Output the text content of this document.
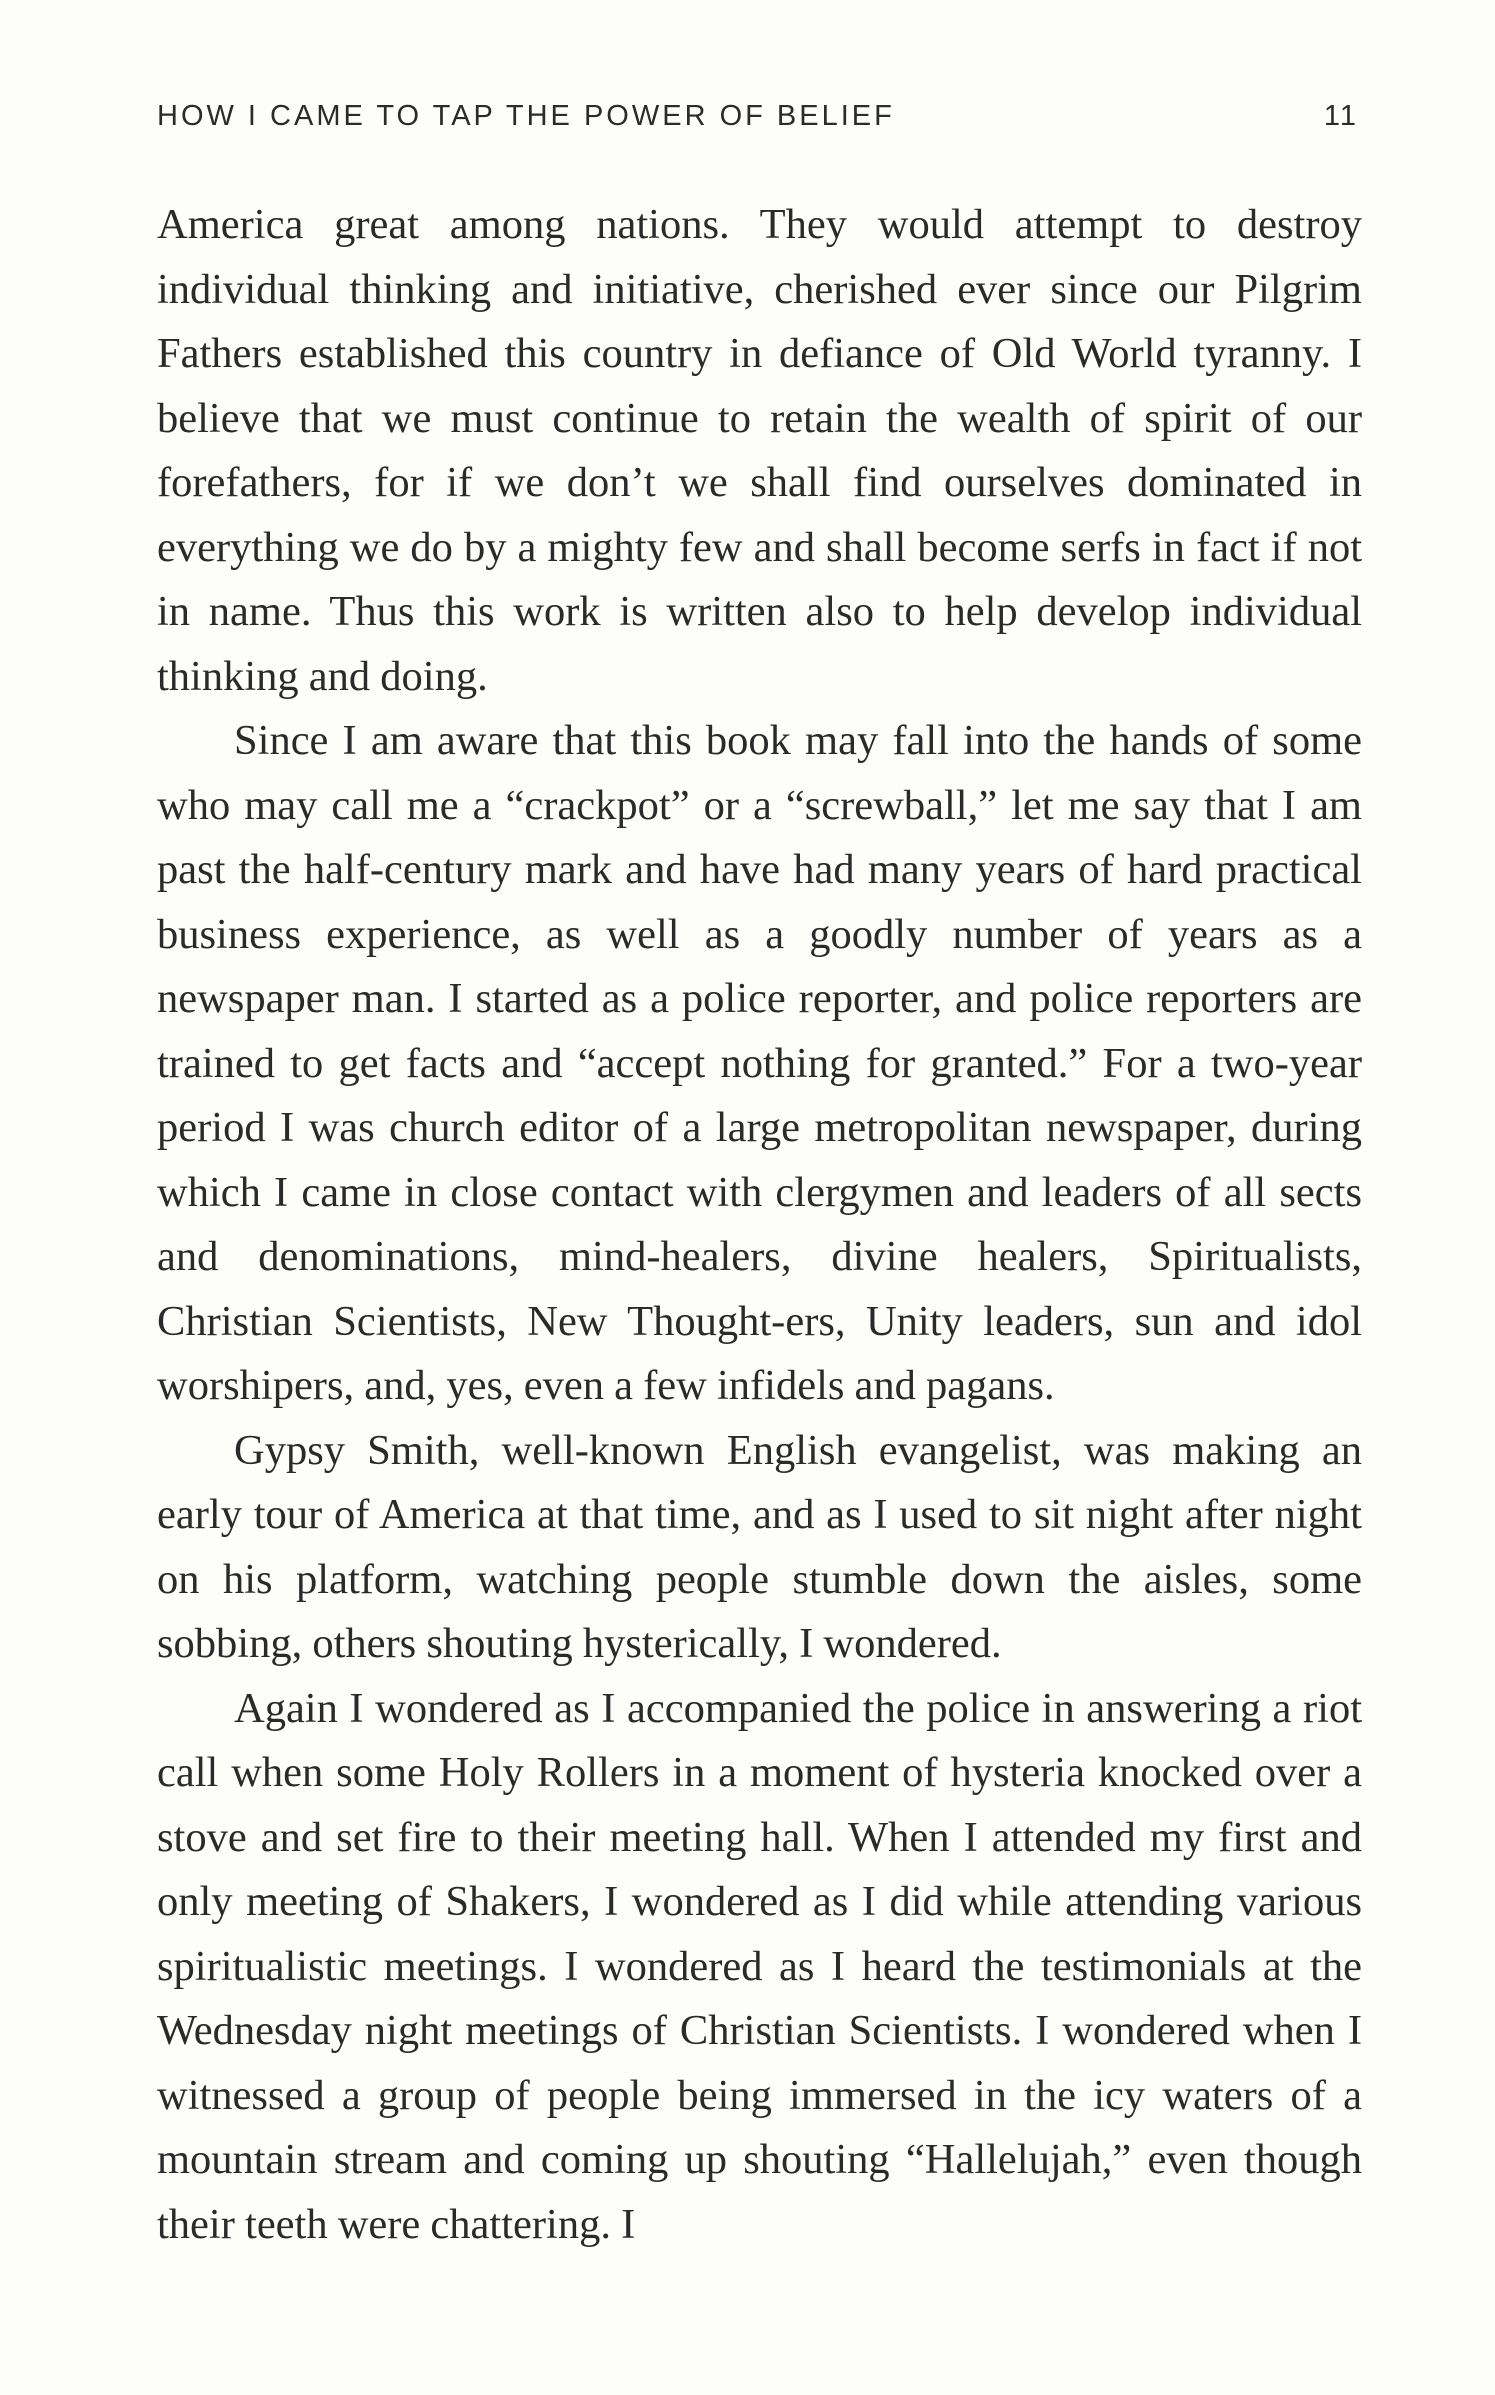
HOW I CAME TO TAP THE POWER OF BELIEF	11

America great among nations. They would attempt to destroy individual thinking and initiative, cherished ever since our Pilgrim Fathers established this country in defiance of Old World tyranny. I believe that we must continue to retain the wealth of spirit of our forefathers, for if we don’t we shall find ourselves dominated in everything we do by a mighty few and shall become serfs in fact if not in name. Thus this work is written also to help develop individual thinking and doing.

Since I am aware that this book may fall into the hands of some who may call me a “crackpot” or a “screwball,” let me say that I am past the half-century mark and have had many years of hard practical business experience, as well as a goodly number of years as a newspaper man. I started as a police reporter, and police reporters are trained to get facts and “accept nothing for granted.” For a two-year period I was church editor of a large metropolitan newspaper, during which I came in close contact with clergymen and leaders of all sects and denominations, mind-healers, divine healers, Spiritualists, Christian Scientists, New Thought-ers, Unity leaders, sun and idol worshipers, and, yes, even a few infidels and pagans.

Gypsy Smith, well-known English evangelist, was making an early tour of America at that time, and as I used to sit night after night on his platform, watching people stumble down the aisles, some sobbing, others shouting hysterically, I wondered.

Again I wondered as I accompanied the police in answering a riot call when some Holy Rollers in a moment of hysteria knocked over a stove and set fire to their meeting hall. When I attended my first and only meeting of Shakers, I wondered as I did while attending various spiritualistic meetings. I wondered as I heard the testimonials at the Wednesday night meetings of Christian Scientists. I wondered when I witnessed a group of people being immersed in the icy waters of a mountain stream and coming up shouting “Hallelujah,” even though their teeth were chattering. I
